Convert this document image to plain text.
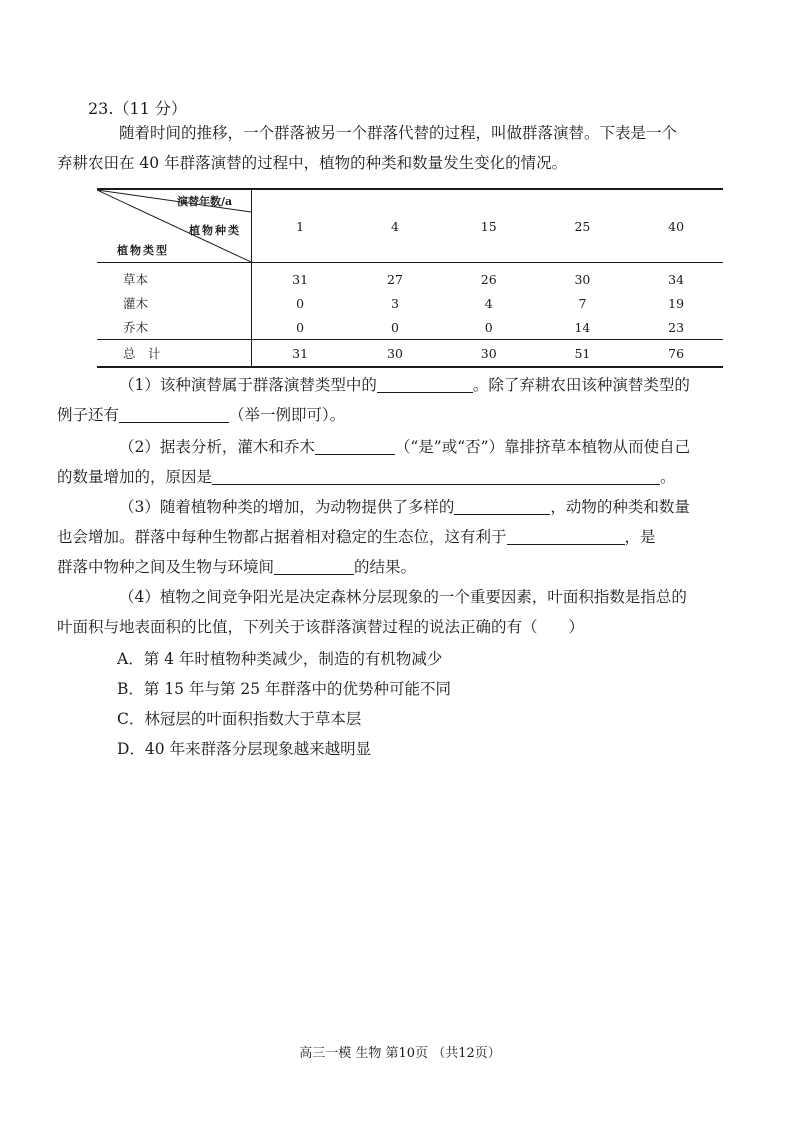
23.（11 分）
随着时间的推移，一个群落被另一个群落代替的过程，叫做群落演替。下表是一个
弃耕农田在 40 年群落演替的过程中，植物的种类和数量发生变化的情况。
演替年数/a
植物种类
植物类型	1	4	15	25	40
草本	31	27	26	30	34
灌木	0	3	4	7	19
乔木	0	0	0	14	23
总　计	31	30	30	51	76
（1）该种演替属于群落演替类型中的	。除了弃耕农田该种演替类型的
例子还有	（举一例即可）。
（2）据表分析，灌木和乔木	（“是”或“否”）靠排挤草本植物从而使自己
的数量增加的，原因是	。
（3）随着植物种类的增加，为动物提供了多样的	，动物的种类和数量
也会增加。群落中每种生物都占据着相对稳定的生态位，这有利于	，是
群落中物种之间及生物与环境间	的结果。
（4）植物之间竞争阳光是决定森林分层现象的一个重要因素，叶面积指数是指总的
叶面积与地表面积的比值，下列关于该群落演替过程的说法正确的有（　　）
A．第 4 年时植物种类减少，制造的有机物减少
B．第 15 年与第 25 年群落中的优势种可能不同
C．林冠层的叶面积指数大于草本层
D．40 年来群落分层现象越来越明显
高三一模 生物 第10页 （共12页）
